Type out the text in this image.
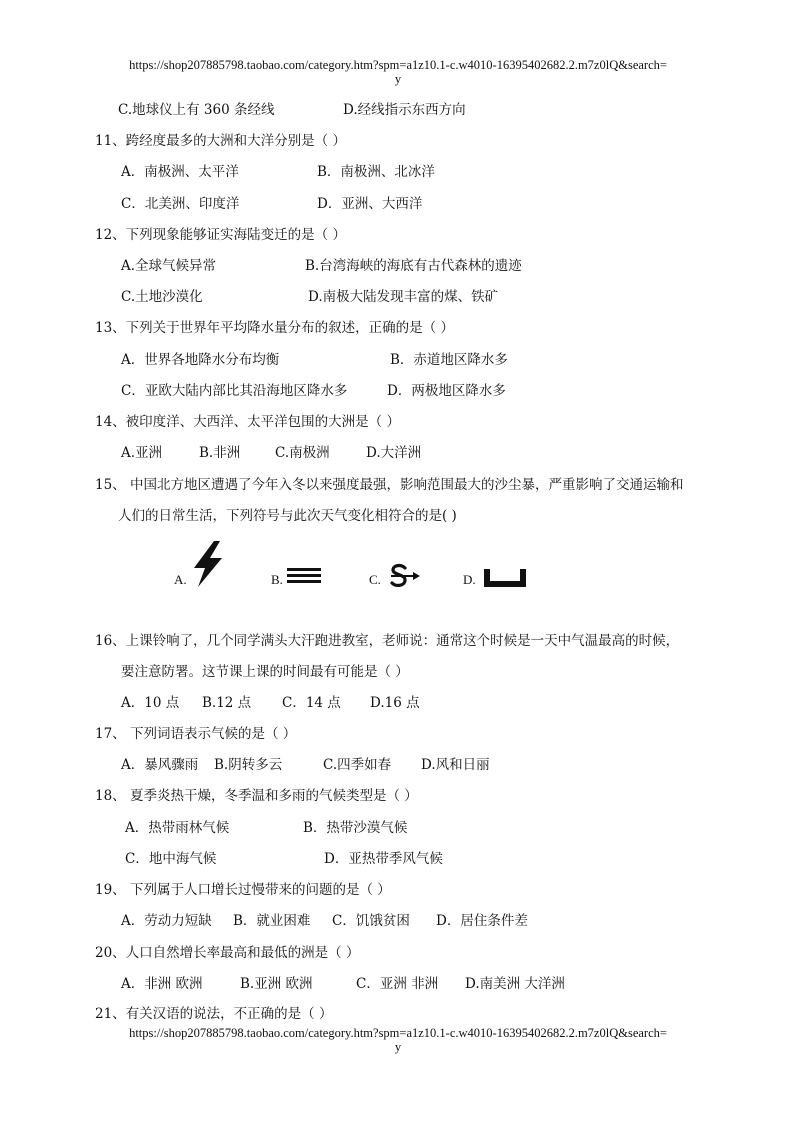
https://shop207885798.taobao.com/category.htm?spm=a1z10.1-c.w4010-16395402682.2.m7z0lQ&search=
y
C.地球仪上有 360 条经线	D.经线指示东西方向
11、跨经度最多的大洲和大洋分别是（ ）
A．南极洲、太平洋	B．南极洲、北冰洋
C．北美洲、印度洋	D．亚洲、大西洋
12、下列现象能够证实海陆变迁的是（ ）
A.全球气候异常	B.台湾海峡的海底有古代森林的遗迹
C.土地沙漠化	D.南极大陆发现丰富的煤、铁矿
13、下列关于世界年平均降水量分布的叙述，正确的是（ ）
A．世界各地降水分布均衡	B．赤道地区降水多
C．亚欧大陆内部比其沿海地区降水多	D．两极地区降水多
14、被印度洋、大西洋、太平洋包围的大洲是（ ）
A.亚洲	B.非洲	C.南极洲	D.大洋洲
15、 中国北方地区遭遇了今年入冬以来强度最强，影响范围最大的沙尘暴，严重影响了交通运输和
人们的日常生活，下列符号与此次天气变化相符合的是( )
A.	B.	C.	D.
16、上课铃响了，几个同学满头大汗跑进教室，老师说：通常这个时候是一天中气温最高的时候，
要注意防署。这节课上课的时间最有可能是（ ）
A．10 点 B.12 点 C．14 点 D.16 点
17、 下列词语表示气候的是（ ）
A．暴风骤雨 B.阴转多云	C.四季如春 D.风和日丽
18、 夏季炎热干燥，冬季温和多雨的气候类型是（ ）
A．热带雨林气候	B．热带沙漠气候
C．地中海气候	D．亚热带季风气候
19、 下列属于人口增长过慢带来的问题的是（ ）
A．劳动力短缺 B．就业困难 C．饥饿贫困 D．居住条件差
20、人口自然增长率最高和最低的洲是（ ）
A．非洲 欧洲	B.亚洲 欧洲	C．亚洲 非洲 D.南美洲 大洋洲
21、有关汉语的说法，不正确的是（ ）
https://shop207885798.taobao.com/category.htm?spm=a1z10.1-c.w4010-16395402682.2.m7z0lQ&search=
y
